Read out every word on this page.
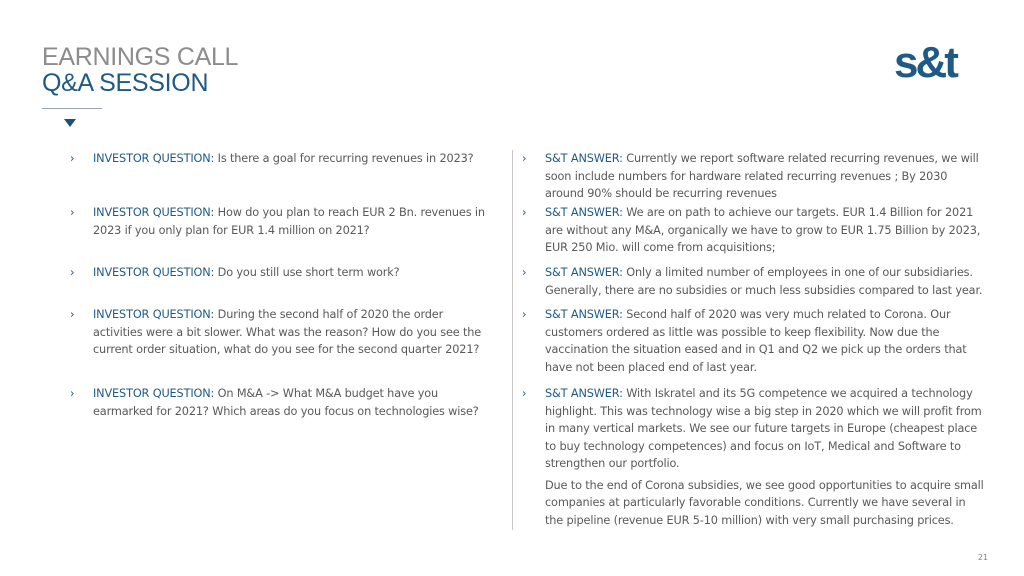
EARNINGS CALL
Q&A SESSION	s&t
›	INVESTOR QUESTION: Is there a goal for recurring revenues in 2023?	›	S&T ANSWER: Currently we report software related recurring revenues, we will soon include numbers for hardware related recurring revenues ; By 2030 around 90% should be recurring revenues
›	INVESTOR QUESTION: How do you plan to reach EUR 2 Bn. revenues in 2023 if you only plan for EUR 1.4 million on 2021?
›	S&T ANSWER: We are on path to achieve our targets. EUR 1.4 Billion for 2021 are without any M&A, organically we have to grow to EUR 1.75 Billion by 2023, EUR 250 Mio. will come from acquisitions;
›	INVESTOR QUESTION: Do you still use short term work?	›	S&T ANSWER: Only a limited number of employees in one of our subsidiaries. Generally, there are no subsidies or much less subsidies compared to last year.
›	INVESTOR QUESTION: During the second half of 2020 the order activities were a bit slower. What was the reason? How do you see the current order situation, what do you see for the second quarter 2021?
›	S&T ANSWER: Second half of 2020 was very much related to Corona. Our customers ordered as little was possible to keep flexibility. Now due the vaccination the situation eased and in Q1 and Q2 we pick up the orders that have not been placed end of last year.
›	INVESTOR QUESTION: On M&A -> What M&A budget have you earmarked for 2021? Which areas do you focus on technologies wise?
›	S&T ANSWER: With Iskratel and its 5G competence we acquired a technology highlight. This was technology wise a big step in 2020 which we will profit from in many vertical markets. We see our future targets in Europe (cheapest place to buy technology competences) and focus on IoT, Medical and Software to strengthen our portfolio.
Due to the end of Corona subsidies, we see good opportunities to acquire small companies at particularly favorable conditions. Currently we have several in the pipeline (revenue EUR 5-10 million) with very small purchasing prices.
21
